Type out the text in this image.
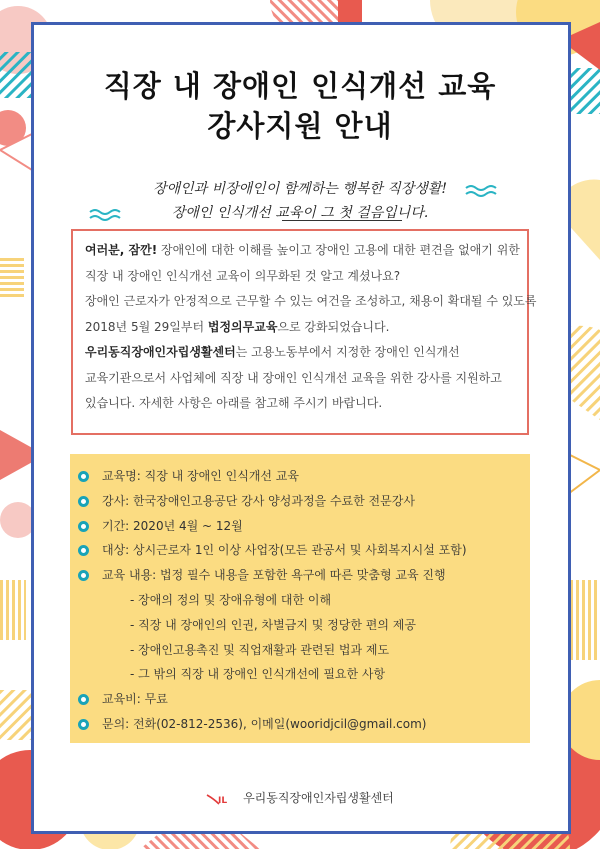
직장 내 장애인 인식개선 교육
강사지원 안내
장애인과 비장애인이 함께하는 행복한 직장생활!
장애인 인식개선 교육이 그 첫 걸음입니다.

여러분, 잠깐! 장애인에 대한 이해를 높이고 장애인 고용에 대한 편견을 없애기 위한

직장 내 장애인 인식개선 교육이 의무화된 것 알고 계셨나요?

장애인 근로자가 안정적으로 근무할 수 있는 여건을 조성하고, 채용이 확대될 수 있도록

2018년 5월 29일부터 법정의무교육으로 강화되었습니다.

우리동직장애인자립생활센터는 고용노동부에서 지정한 장애인 인식개선

교육기관으로서 사업체에 직장 내 장애인 인식개선 교육을 위한 강사를 지원하고

있습니다. 자세한 사항은 아래를 참고해 주시기 바랍니다.

교육명: 직장 내 장애인 인식개선 교육
강사: 한국장애인고용공단 강사 양성과정을 수료한 전문강사
기간: 2020년 4월 ~ 12월
대상: 상시근로자 1인 이상 사업장(모든 관공서 및 사회복지시설 포함)
교육 내용: 법정 필수 내용을 포함한 욕구에 따른 맞춤형 교육 진행
- 장애의 정의 및 장애유형에 대한 이해
- 직장 내 장애인의 인권, 차별금지 및 정당한 편의 제공
- 장애인고용촉진 및 직업재활과 관련된 법과 제도
- 그 밖의 직장 내 장애인 인식개선에 필요한 사항
교육비: 무료
문의: 전화(02-812-2536), 이메일(wooridjcil@gmail.com)
IL 우리동직장애인자립생활센터
